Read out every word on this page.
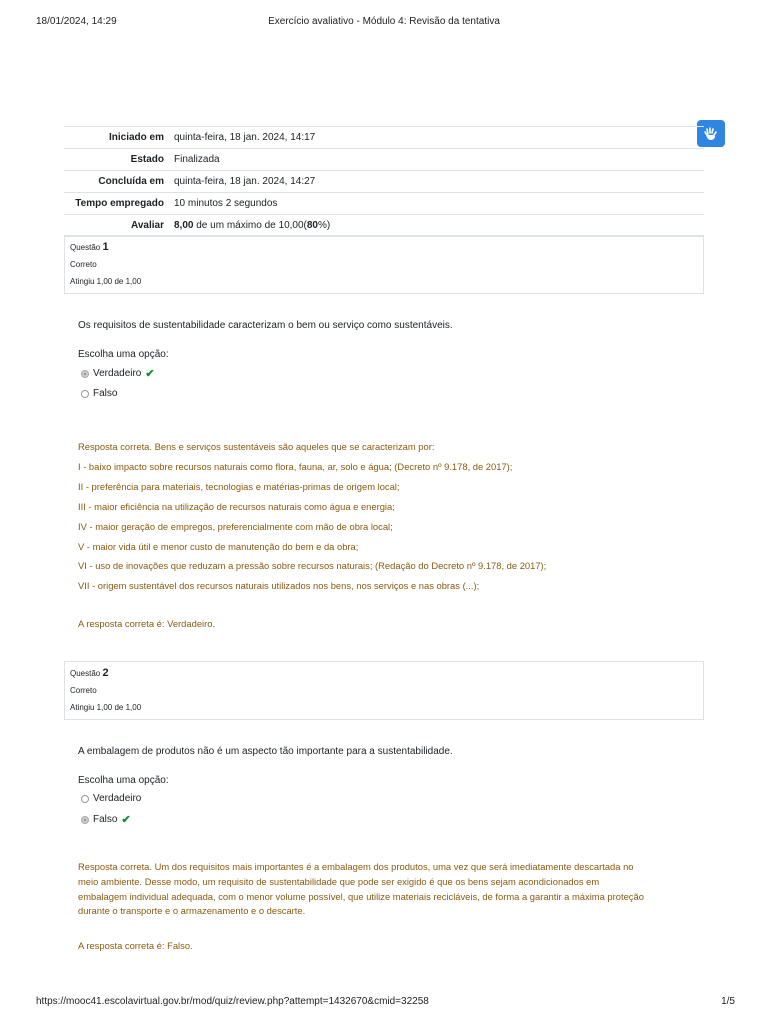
18/01/2024, 14:29	Exercício avaliativo - Módulo 4: Revisão da tentativa
Iniciado em	quinta-feira, 18 jan. 2024, 14:17
Estado	Finalizada
Concluída em	quinta-feira, 18 jan. 2024, 14:27
Tempo empregado	10 minutos 2 segundos
Avaliar	8,00 de um máximo de 10,00(80%)
Questão 1
Correto
Atingiu 1,00 de 1,00
Os requisitos de sustentabilidade caracterizam o bem ou serviço como sustentáveis.
Escolha uma opção:
Verdadeiro ✔
Falso
Resposta correta. Bens e serviços sustentáveis são aqueles que se caracterizam por:
I - baixo impacto sobre recursos naturais como flora, fauna, ar, solo e água; (Decreto nº 9.178, de 2017);
II - preferência para materiais, tecnologias e matérias-primas de origem local;
III - maior eficiência na utilização de recursos naturais como água e energia;
IV - maior geração de empregos, preferencialmente com mão de obra local;
V - maior vida útil e menor custo de manutenção do bem e da obra;
VI - uso de inovações que reduzam a pressão sobre recursos naturais; (Redação do Decreto nº 9.178, de 2017);
VII - origem sustentável dos recursos naturais utilizados nos bens, nos serviços e nas obras (...);
A resposta correta é: Verdadeiro.
Questão 2
Correto
Atingiu 1,00 de 1,00
A embalagem de produtos não é um aspecto tão importante para a sustentabilidade.
Escolha uma opção:
Verdadeiro
Falso ✔
Resposta correta. Um dos requisitos mais importantes é a embalagem dos produtos, uma vez que será imediatamente descartada no
meio ambiente. Desse modo, um requisito de sustentabilidade que pode ser exigido é que os bens sejam acondicionados em
embalagem individual adequada, com o menor volume possível, que utilize materiais recicláveis, de forma a garantir a máxima proteção
durante o transporte e o armazenamento e o descarte.
A resposta correta é: Falso.
https://mooc41.escolavirtual.gov.br/mod/quiz/review.php?attempt=1432670&cmid=32258	1/5
